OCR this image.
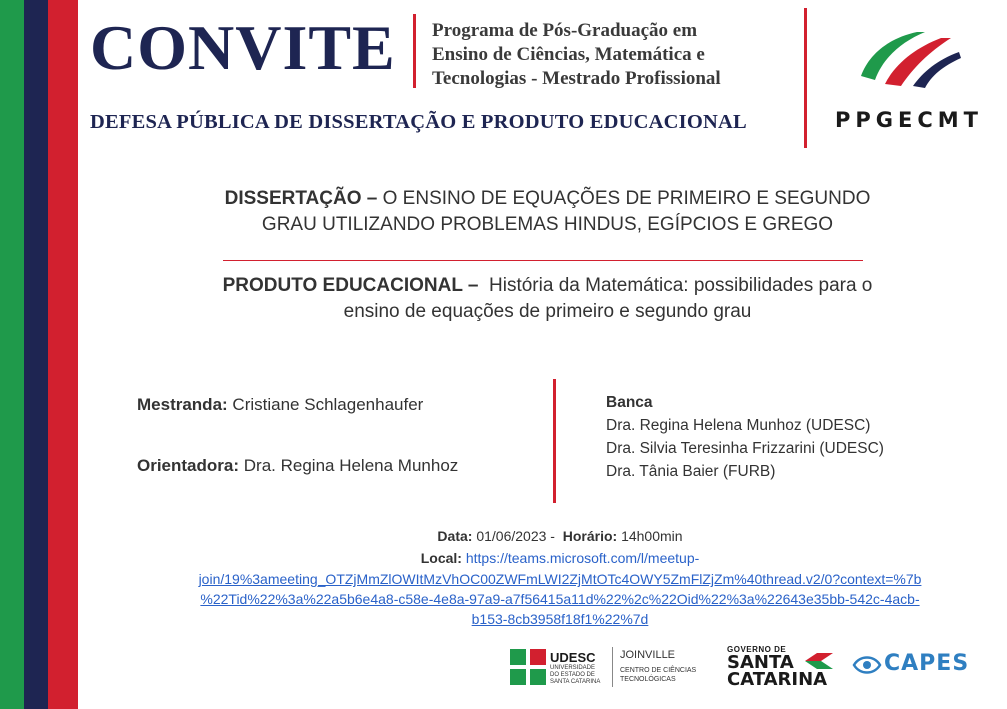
CONVITE Programa de Pós-Graduação em
Ensino de Ciências, Matemática e
Tecnologias - Mestrado Profissional
DEFESA PÚBLICA DE DISSERTAÇÃO E PRODUTO EDUCACIONAL	PPGECMT
DISSERTAÇÃO – O ENSINO DE EQUAÇÕES DE PRIMEIRO E SEGUNDO
GRAU UTILIZANDO PROBLEMAS HINDUS, EGÍPCIOS E GREGO
PRODUTO EDUCACIONAL – História da Matemática: possibilidades para o
ensino de equações de primeiro e segundo grau
Mestranda: Cristiane Schlagenhaufer
Orientadora: Dra. Regina Helena Munhoz
Banca
Dra. Regina Helena Munhoz (UDESC)
Dra. Silvia Teresinha Frizzarini (UDESC)
Dra. Tânia Baier (FURB)
Data: 01/06/2023 - Horário: 14h00min
Local: https://teams.microsoft.com/l/meetup-
join/19%3ameeting_OTZjMmZlOWItMzVhOC00ZWFmLWI2ZjMtOTc4OWY5ZmFlZjZm%40thread.v2/0?context=%7b
%22Tid%22%3a%22a5b6e4a8-c58e-4e8a-97a9-a7f56415a11d%22%2c%22Oid%22%3a%22643e35bb-542c-4acb-
b153-8cb3958f18f1%22%7d
UDESC
UNIVERSIDADE DO ESTADO DE SANTA CATARINA
JOINVILLE
CENTRO DE CIÊNCIAS TECNOLÓGICAS
GOVERNO DE
SANTA
CATARINA
CAPES
